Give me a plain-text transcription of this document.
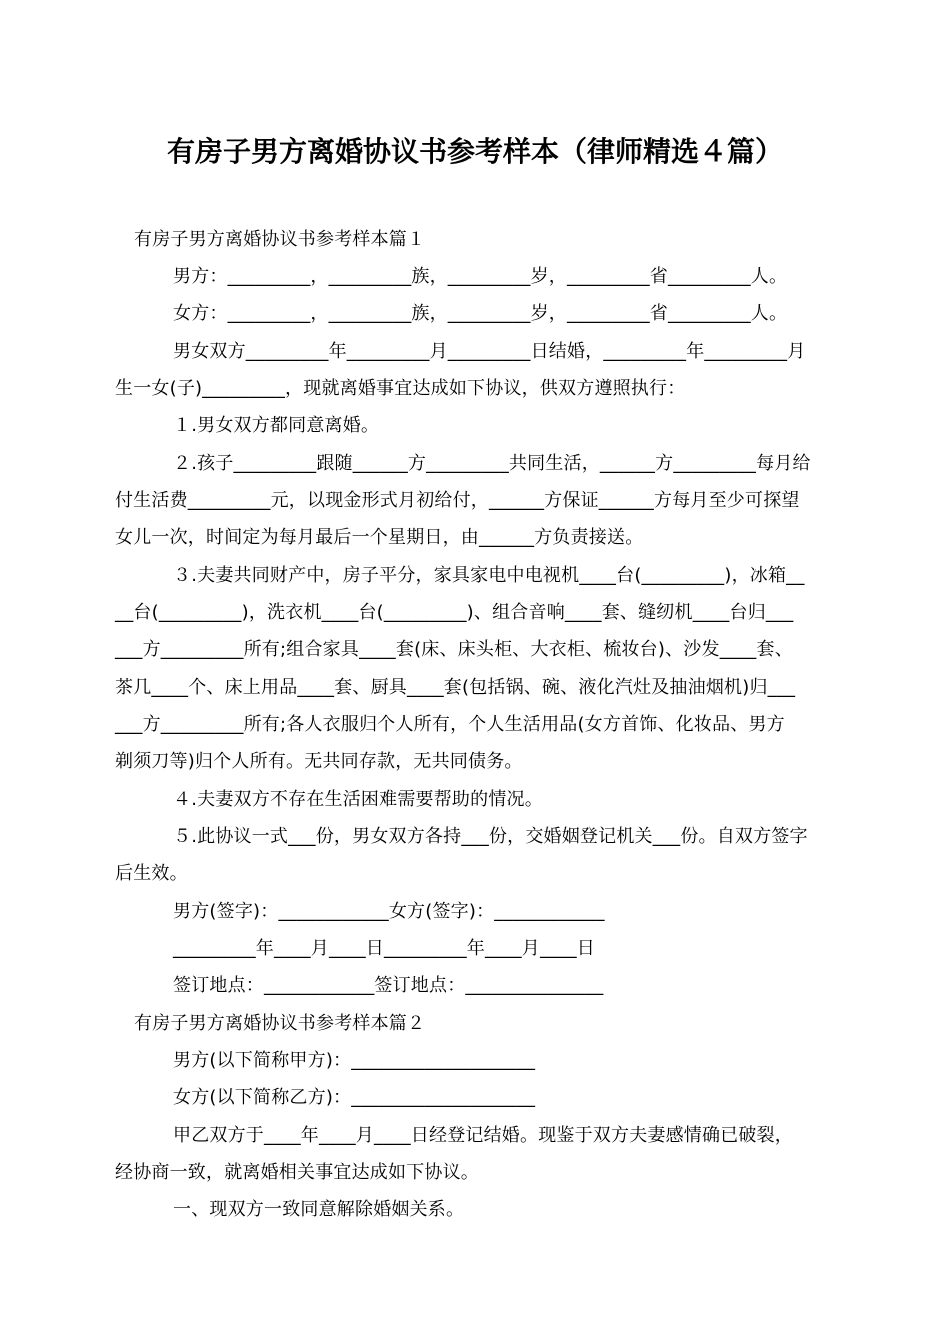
有房子男方离婚协议书参考样本（律师精选４篇）
有房子男方离婚协议书参考样本篇１
男方：_________，_________族，_________岁，_________省_________人。
女方：_________，_________族，_________岁，_________省_________人。
男女双方_________年_________月_________日结婚，_________年_________月
生一女(子)_________，现就离婚事宜达成如下协议，供双方遵照执行：
１.男女双方都同意离婚。
２.孩子_________跟随______方_________共同生活，______方_________每月给
付生活费_________元，以现金形式月初给付，______方保证______方每月至少可探望
女儿一次，时间定为每月最后一个星期日，由______方负责接送。
３.夫妻共同财产中，房子平分，家具家电中电视机____台(_________)，冰箱__
__台(_________)，洗衣机____台(_________)、组合音响____套、缝纫机____台归___
___方_________所有;组合家具____套(床、床头柜、大衣柜、梳妆台)、沙发____套、
茶几____个、床上用品____套、厨具____套(包括锅、碗、液化汽灶及抽油烟机)归___
___方_________所有;各人衣服归个人所有，个人生活用品(女方首饰、化妆品、男方
剃须刀等)归个人所有。无共同存款，无共同债务。
４.夫妻双方不存在生活困难需要帮助的情况。
５.此协议一式___份，男女双方各持___份，交婚姻登记机关___份。自双方签字
后生效。
男方(签字)：____________女方(签字)：____________
_________年____月____日_________年____月____日
签订地点：____________签订地点：_______________
有房子男方离婚协议书参考样本篇２
男方(以下简称甲方)：____________________
女方(以下简称乙方)：____________________
甲乙双方于____年____月____日经登记结婚。现鉴于双方夫妻感情确已破裂，
经协商一致，就离婚相关事宜达成如下协议。
一、现双方一致同意解除婚姻关系。
